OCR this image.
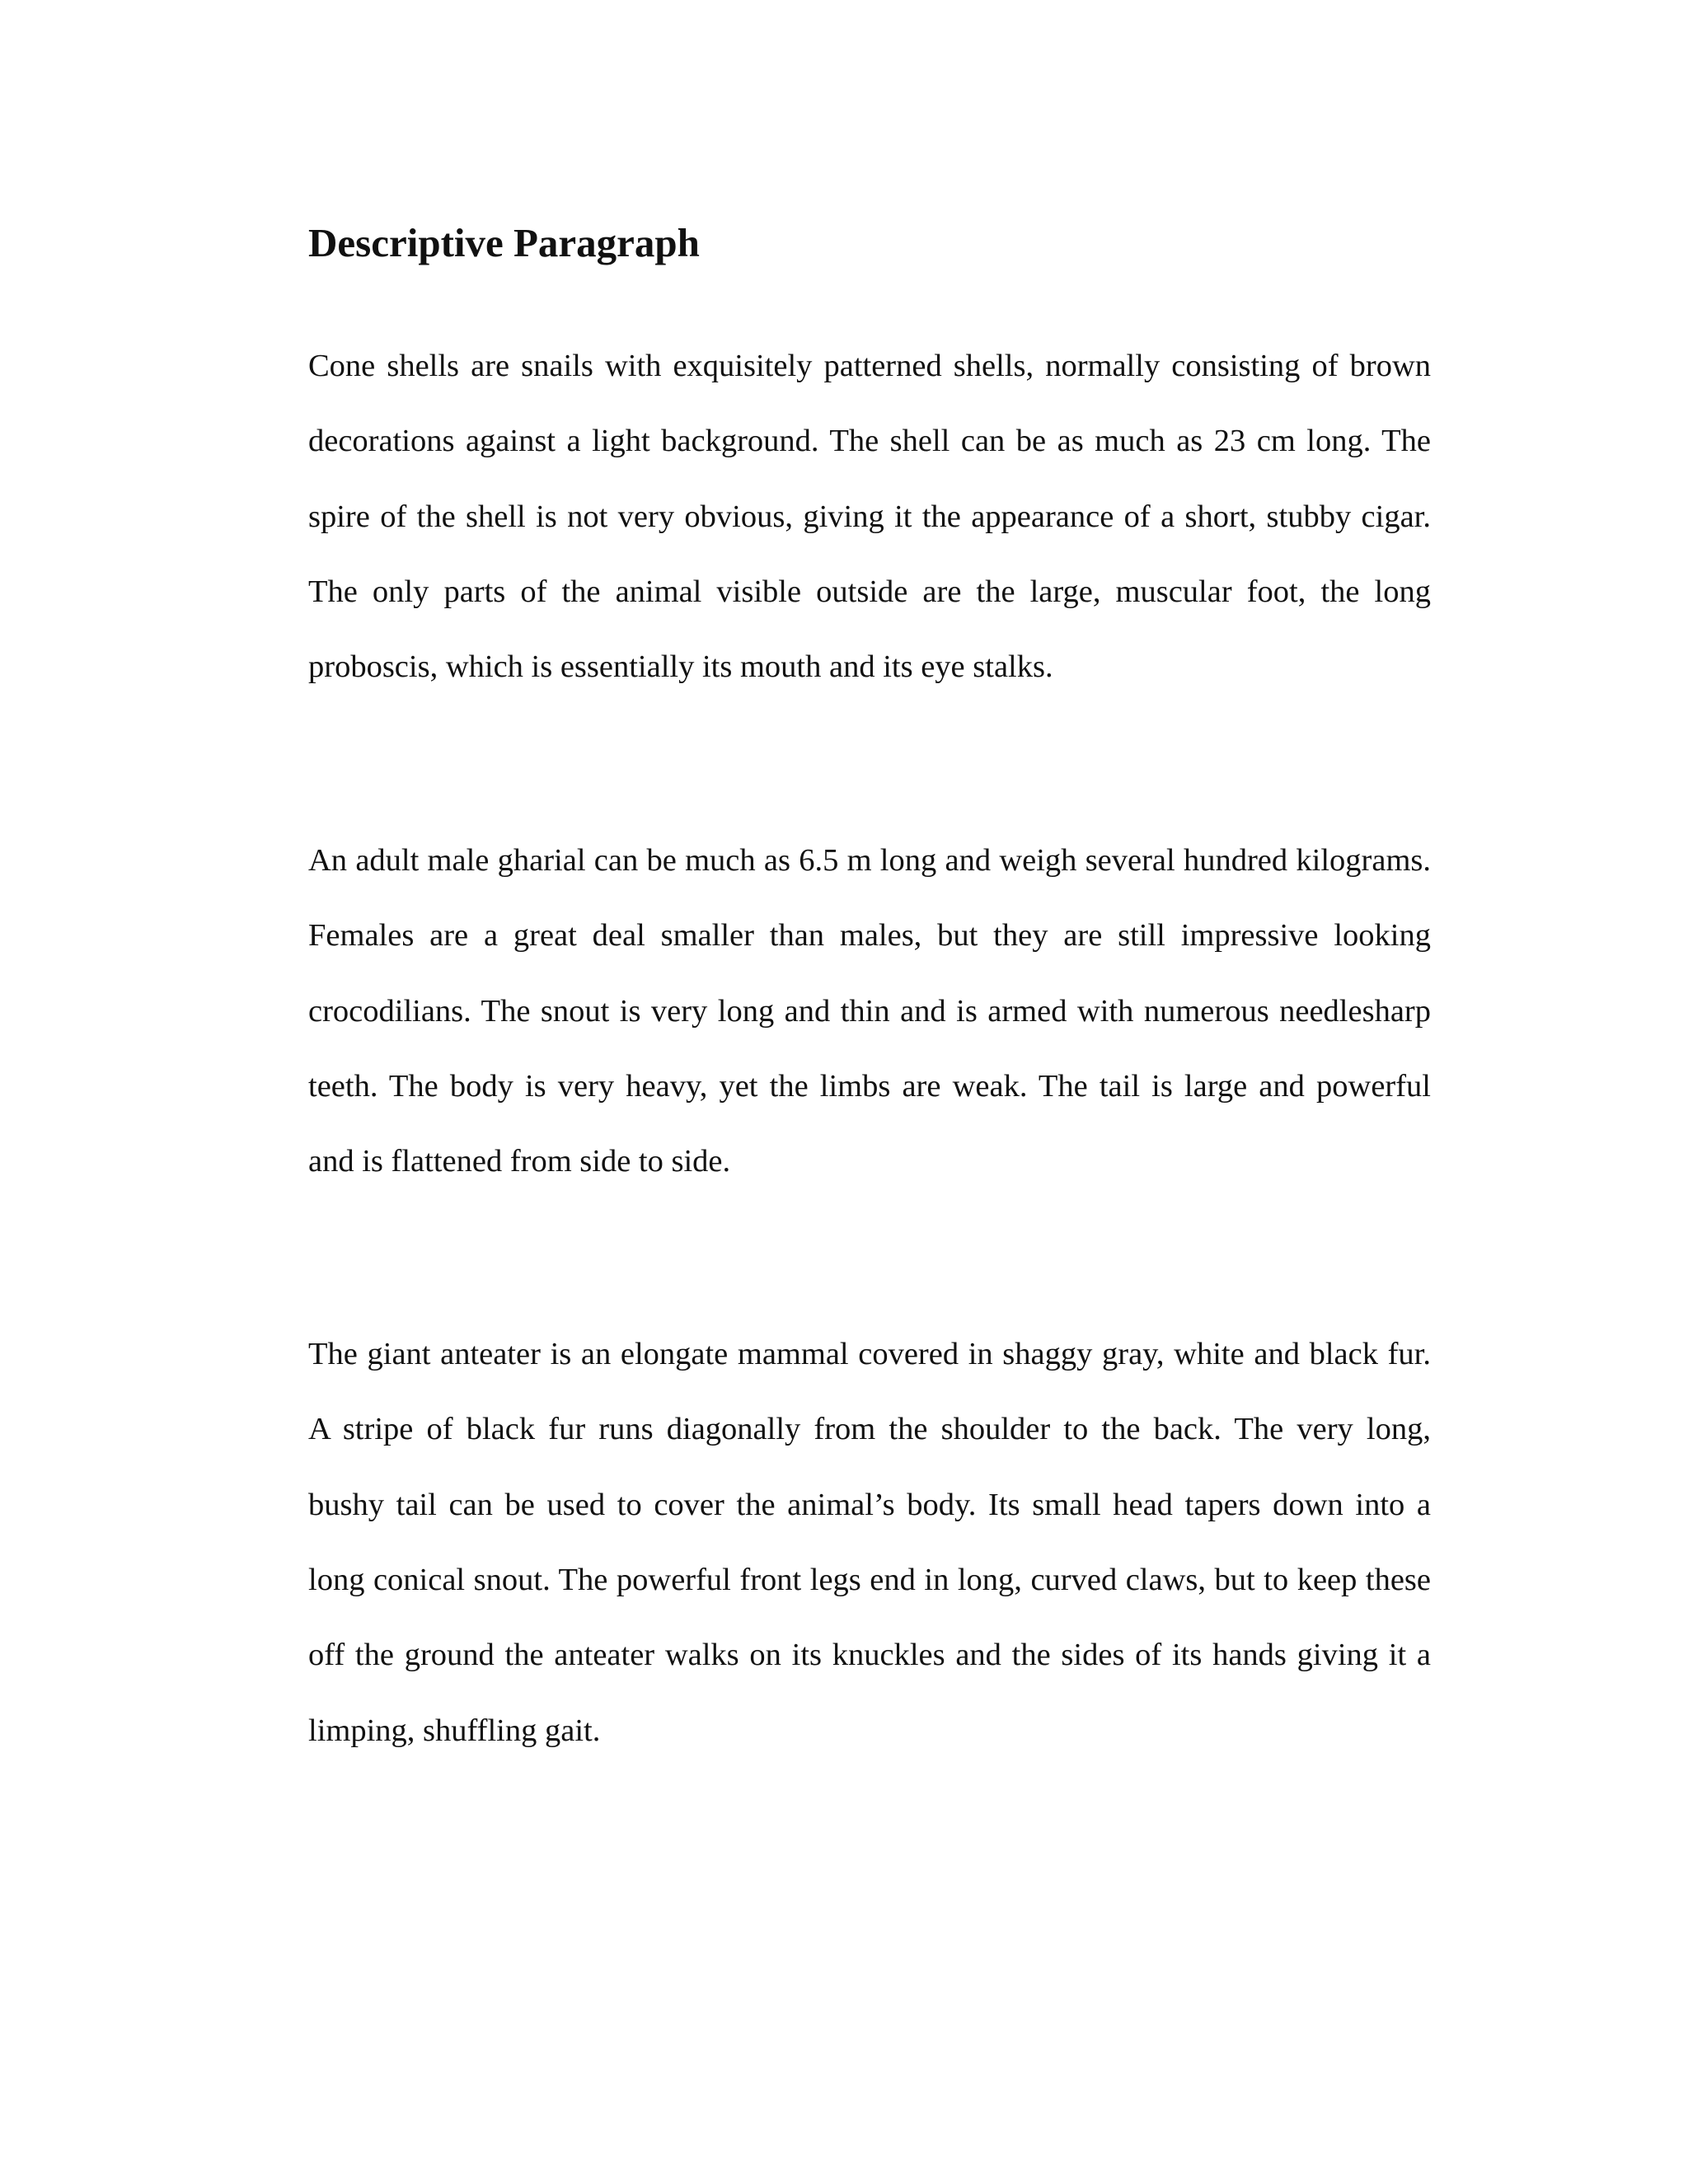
Descriptive Paragraph
Cone shells are snails with exquisitely patterned shells, normally consisting of brown
decorations against a light background. The shell can be as much as 23 cm long. The
spire of the shell is not very obvious, giving it the appearance of a short, stubby cigar.
The only parts of the animal visible outside are the large, muscular foot, the long
proboscis, which is essentially its mouth and its eye stalks.
An adult male gharial can be much as 6.5 m long and weigh several hundred kilograms.
Females are a great deal smaller than males, but they are still impressive looking
crocodilians. The snout is very long and thin and is armed with numerous needlesharp
teeth. The body is very heavy, yet the limbs are weak. The tail is large and powerful
and is flattened from side to side.
The giant anteater is an elongate mammal covered in shaggy gray, white and black fur.
A stripe of black fur runs diagonally from the shoulder to the back. The very long,
bushy tail can be used to cover the animal’s body. Its small head tapers down into a
long conical snout. The powerful front legs end in long, curved claws, but to keep these
off the ground the anteater walks on its knuckles and the sides of its hands giving it a
limping, shuffling gait.
